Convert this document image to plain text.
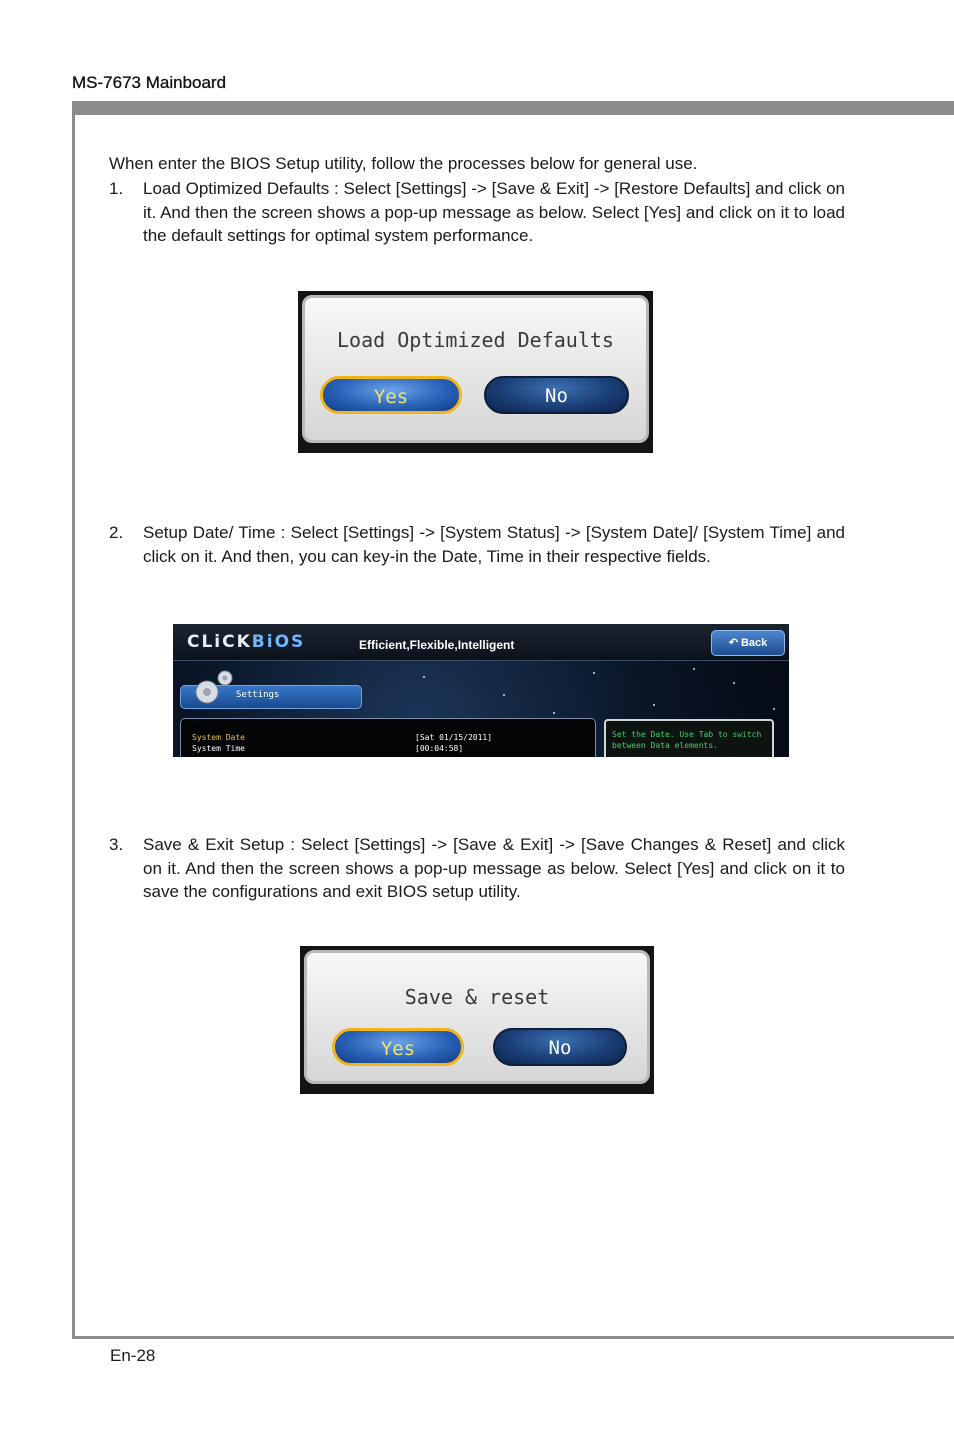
MS-7673 Mainboard
When enter the BIOS Setup utility, follow the processes below for general use.
1.	Load Optimized Defaults : Select [Settings] -> [Save & Exit] -> [Restore Defaults] and click on it. And then the screen shows a pop-up message as below. Select [Yes] and click on it to load the default settings for optimal system performance.
Load Optimized Defaults
Yes	No
2.	Setup Date/ Time : Select [Settings] -> [System Status] -> [System Date]/ [System Time] and click on it. And then, you can key-in the Date, Time in their respective fields.
CLiCKBiOS	Efficient,Flexible,Intelligent	↶ Back
Settings
System Date	[Sat 01/15/2011]
System Time	[00:04:58]
Set the Date. Use Tab to switch between Data elements.
3.	Save & Exit Setup : Select [Settings] -> [Save & Exit] -> [Save Changes & Reset] and click on it. And then the screen shows a pop-up message as below. Select [Yes] and click on it to save the configurations and exit BIOS setup utility.
Save & reset
Yes	No
En-28
